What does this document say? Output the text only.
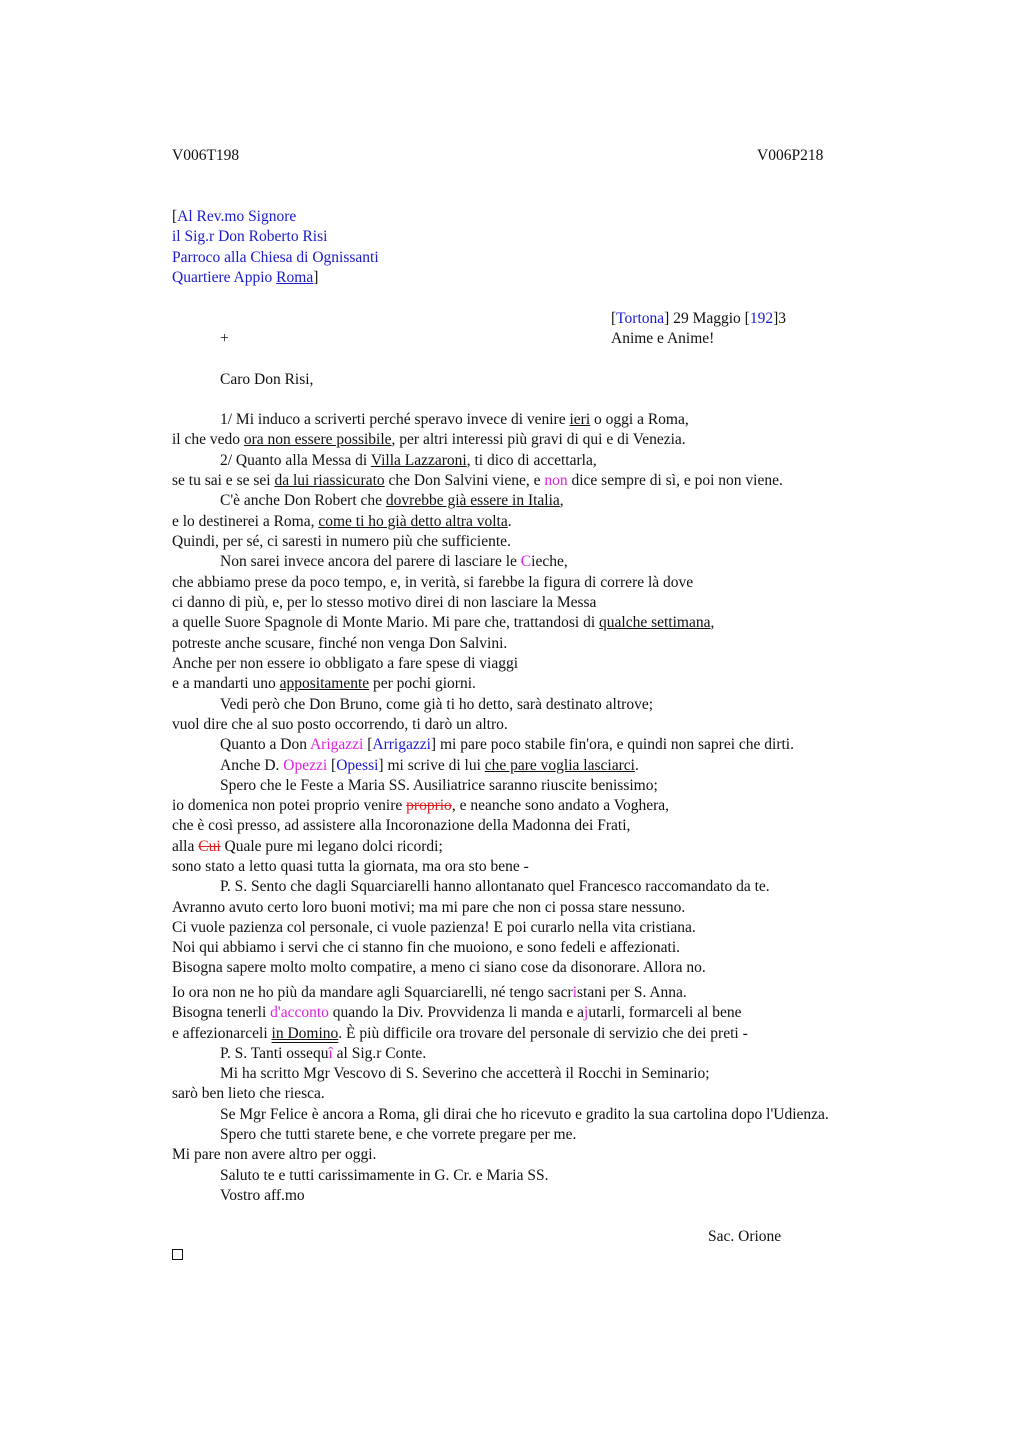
V006T198	V006P218
[Al Rev.mo Signore
il Sig.r Don Roberto Risi
Parroco alla Chiesa di Ognissanti
Quartiere Appio Roma]
[Tortona] 29 Maggio [192]3
Anime e Anime!
+
Caro Don Risi,
1/ Mi induco a scriverti perché speravo invece di venire ieri o oggi a Roma,
il che vedo ora non essere possibile, per altri interessi più gravi di qui e di Venezia.
2/ Quanto alla Messa di Villa Lazzaroni, ti dico di accettarla,
se tu sai e se sei da lui riassicurato che Don Salvini viene, e non dice sempre di sì, e poi non viene.
C'è anche Don Robert che dovrebbe già essere in Italia,
e lo destinerei a Roma, come ti ho già detto altra volta.
Quindi, per sé, ci saresti in numero più che sufficiente.
Non sarei invece ancora del parere di lasciare le Cieche,
che abbiamo prese da poco tempo, e, in verità, si farebbe la figura di correre là dove
ci danno di più, e, per lo stesso motivo direi di non lasciare la Messa
a quelle Suore Spagnole di Monte Mario. Mi pare che, trattandosi di qualche settimana,
potreste anche scusare, finché non venga Don Salvini.
Anche per non essere io obbligato a fare spese di viaggi
e a mandarti uno appositamente per pochi giorni.
Vedi però che Don Bruno, come già ti ho detto, sarà destinato altrove;
vuol dire che al suo posto occorrendo, ti darò un altro.
Quanto a Don Arigazzi [Arrigazzi] mi pare poco stabile fin'ora, e quindi non saprei che dirti.
Anche D. Opezzi [Opessi] mi scrive di lui che pare voglia lasciarci.
Spero che le Feste a Maria SS. Ausiliatrice saranno riuscite benissimo;
io domenica non potei proprio venire proprio, e neanche sono andato a Voghera,
che è così presso, ad assistere alla Incoronazione della Madonna dei Frati,
alla Cui Quale pure mi legano dolci ricordi;
sono stato a letto quasi tutta la giornata, ma ora sto bene -
P. S. Sento che dagli Squarciarelli hanno allontanato quel Francesco raccomandato da te.
Avranno avuto certo loro buoni motivi; ma mi pare che non ci possa stare nessuno.
Ci vuole pazienza col personale, ci vuole pazienza! E poi curarlo nella vita cristiana.
Noi qui abbiamo i servi che ci stanno fin che muoiono, e sono fedeli e affezionati.
Bisogna sapere molto molto compatire, a meno ci siano cose da disonorare. Allora no.
Io ora non ne ho più da mandare agli Squarciarelli, né tengo sacristani per S. Anna.
Bisogna tenerli d'acconto quando la Div. Provvidenza li manda e ajutarli, formarceli al bene
e affezionarceli in Domino. È più difficile ora trovare del personale di servizio che dei preti -
P. S. Tanti ossequî al Sig.r Conte.
Mi ha scritto Mgr Vescovo di S. Severino che accetterà il Rocchi in Seminario;
sarò ben lieto che riesca.
Se Mgr Felice è ancora a Roma, gli dirai che ho ricevuto e gradito la sua cartolina dopo l'Udienza.
Spero che tutti starete bene, e che vorrete pregare per me.
Mi pare non avere altro per oggi.
Saluto te e tutti carissimamente in G. Cr. e Maria SS.
Vostro aff.mo
Sac. Orione
